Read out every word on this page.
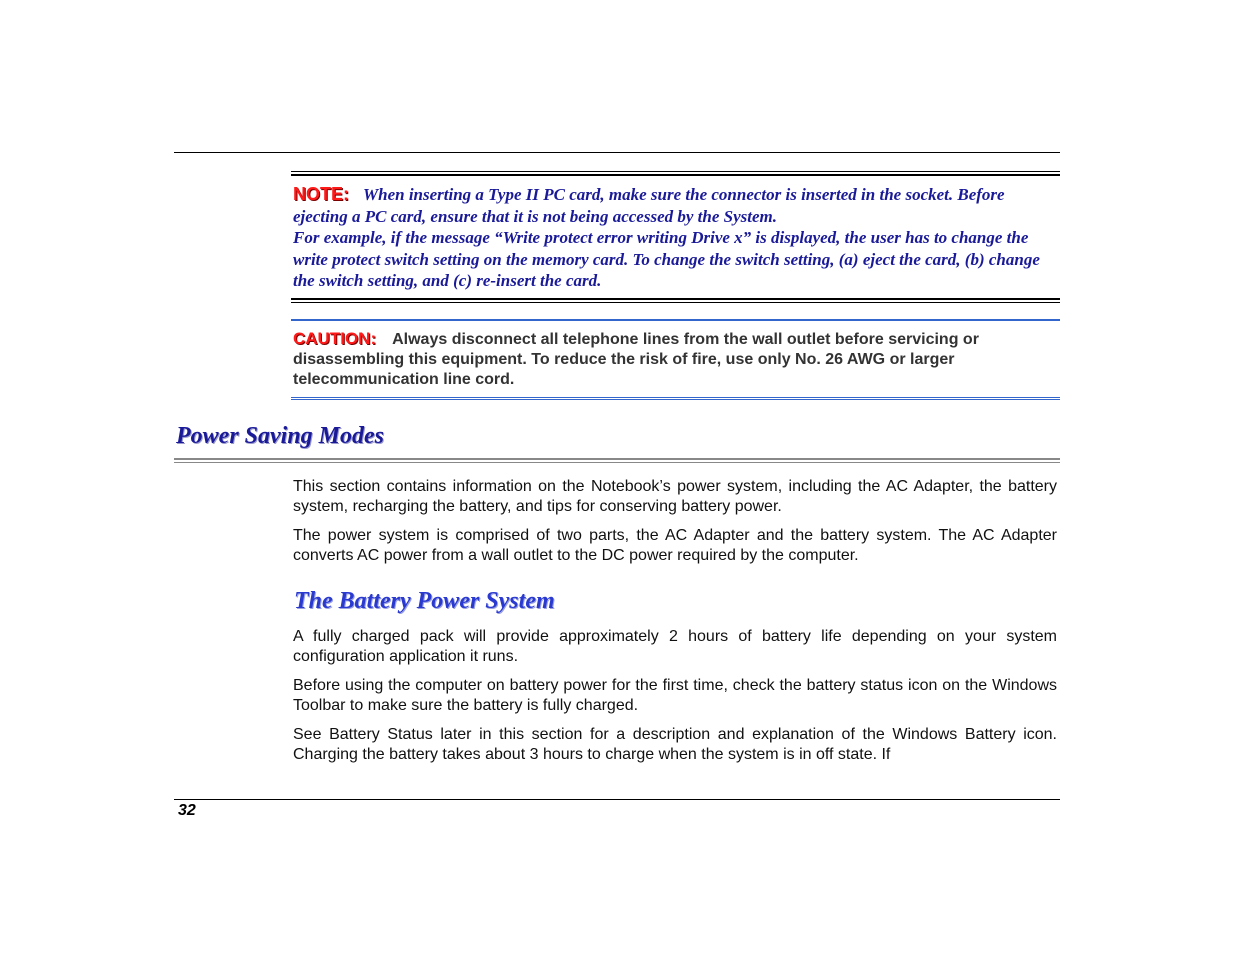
NOTE: When inserting a Type II PC card, make sure the connector is inserted in the socket. Before ejecting a PC card, ensure that it is not being accessed by the System.
For example, if the message “Write protect error writing Drive x” is displayed, the user has to change the write protect switch setting on the memory card. To change the switch setting, (a) eject the card, (b) change the switch setting, and (c) re-insert the card.
CAUTION: Always disconnect all telephone lines from the wall outlet before servicing or disassembling this equipment. To reduce the risk of fire, use only No. 26 AWG or larger telecommunication line cord.
Power Saving Modes

This section contains information on the Notebook’s power system, including the AC Adapter, the battery system, recharging the battery, and tips for conserving battery power.

The power system is comprised of two parts, the AC Adapter and the battery system. The AC Adapter converts AC power from a wall outlet to the DC power required by the computer.

The Battery Power System

A fully charged pack will provide approximately 2 hours of battery life depending on your system configuration application it runs.

Before using the computer on battery power for the first time, check the battery status icon on the Windows Toolbar to make sure the battery is fully charged.

See Battery Status later in this section for a description and explanation of the Windows Battery icon. Charging the battery takes about 3 hours to charge when the system is in off state. If

32
